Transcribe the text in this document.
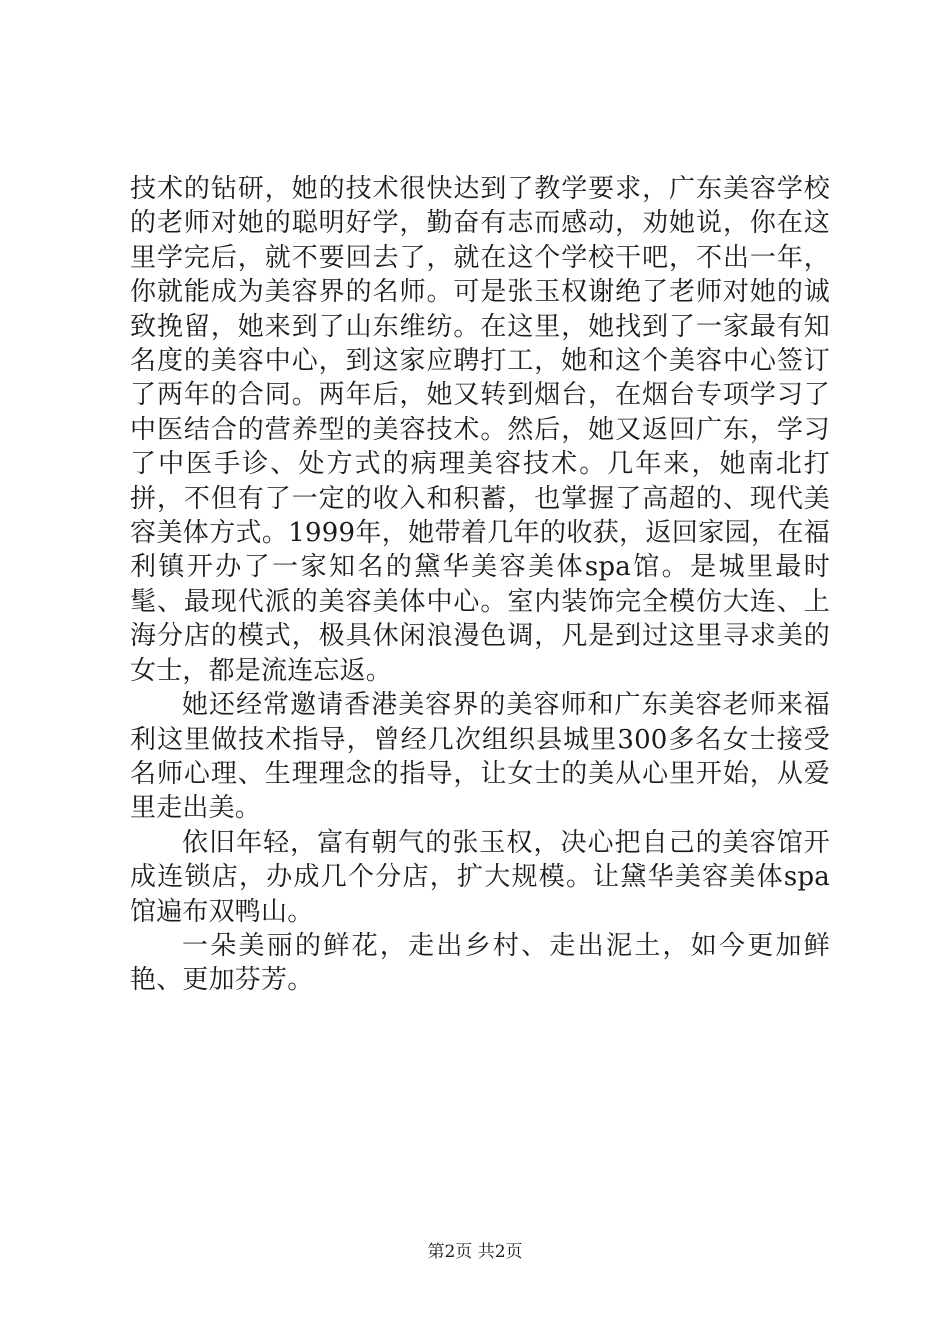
技术的钻研，她的技术很快达到了教学要求，广东美容学校的老师对她的聪明好学，勤奋有志而感动，劝她说，你在这里学完后，就不要回去了，就在这个学校干吧，不出一年，你就能成为美容界的名师。可是张玉权谢绝了老师对她的诚致挽留，她来到了山东维纺。在这里，她找到了一家最有知名度的美容中心，到这家应聘打工，她和这个美容中心签订了两年的合同。两年后，她又转到烟台，在烟台专项学习了中医结合的营养型的美容技术。然后，她又返回广东，学习了中医手诊、处方式的病理美容技术。几年来，她南北打拼，不但有了一定的收入和积蓄，也掌握了高超的、现代美容美体方式。1999年，她带着几年的收获，返回家园，在福利镇开办了一家知名的黛华美容美体spa馆。是城里最时髦、最现代派的美容美体中心。室内装饰完全模仿大连、上海分店的模式，极具休闲浪漫色调，凡是到过这里寻求美的女士，都是流连忘返。

她还经常邀请香港美容界的美容师和广东美容老师来福利这里做技术指导，曾经几次组织县城里300多名女士接受名师心理、生理理念的指导，让女士的美从心里开始，从爱里走出美。

依旧年轻，富有朝气的张玉权，决心把自己的美容馆开成连锁店，办成几个分店，扩大规模。让黛华美容美体spa馆遍布双鸭山。

一朵美丽的鲜花，走出乡村、走出泥土，如今更加鲜艳、更加芬芳。

第2页 共2页
